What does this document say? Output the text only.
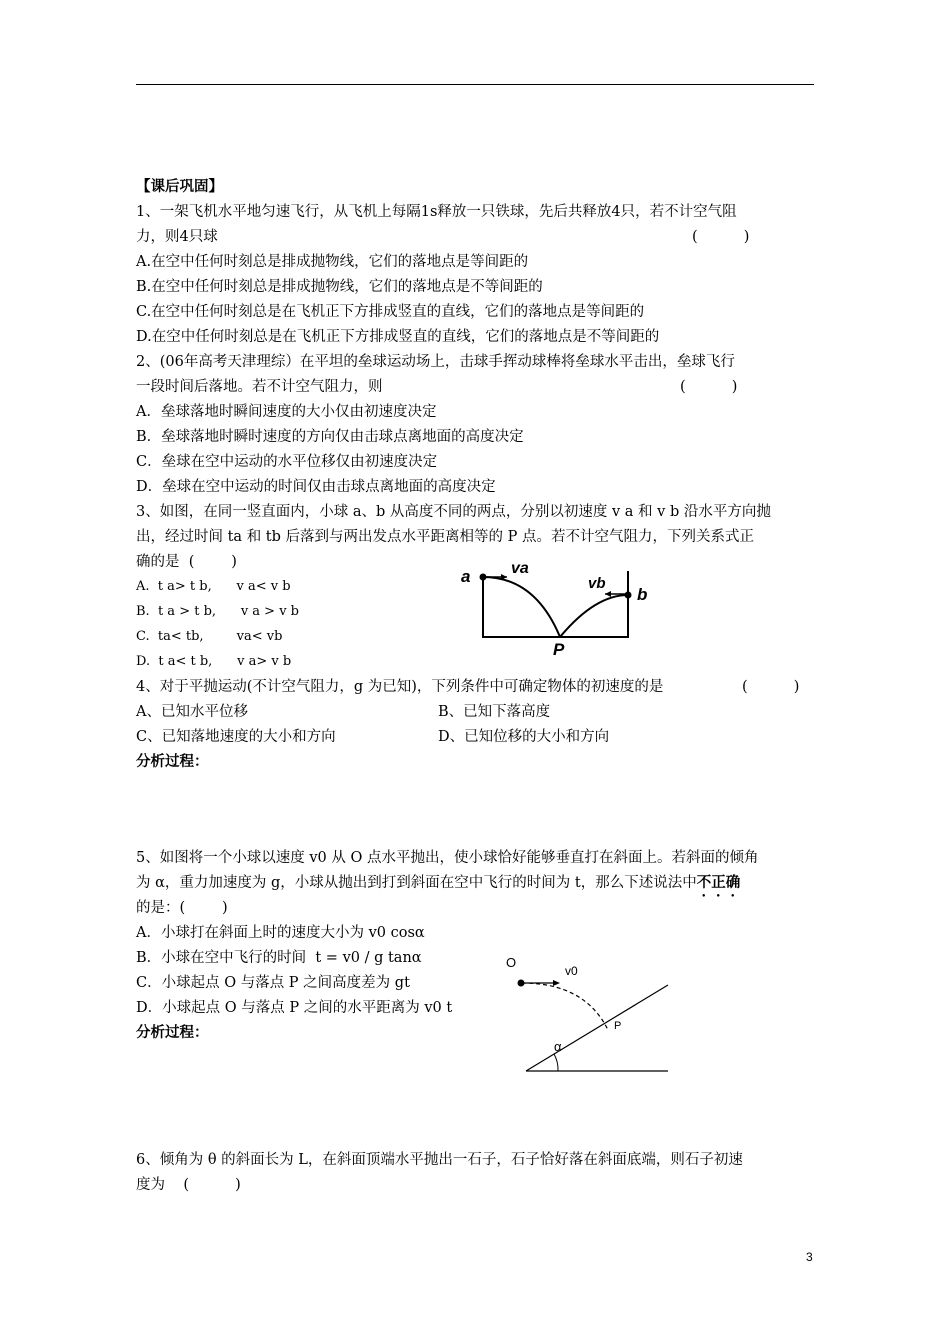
【课后巩固】
1、一架飞机水平地匀速飞行，从飞机上每隔1s释放一只铁球，先后共释放4只，若不计空气阻
力，则4只球	(          )
A.在空中任何时刻总是排成抛物线，它们的落地点是等间距的
B.在空中任何时刻总是排成抛物线，它们的落地点是不等间距的
C.在空中任何时刻总是在飞机正下方排成竖直的直线，它们的落地点是等间距的
D.在空中任何时刻总是在飞机正下方排成竖直的直线，它们的落地点是不等间距的
2、(06年高考天津理综）在平坦的垒球运动场上，击球手挥动球棒将垒球水平击出，垒球飞行
一段时间后落地。若不计空气阻力，则	(          )
A．垒球落地时瞬间速度的大小仅由初速度决定
B．垒球落地时瞬时速度的方向仅由击球点离地面的高度决定
C．垒球在空中运动的水平位移仅由初速度决定
D．垒球在空中运动的时间仅由击球点离地面的高度决定
3、如图，在同一竖直面内，小球 a、b 从高度不同的两点，分别以初速度 v a 和 v b 沿水平方向抛
出，经过时间 ta 和 tb 后落到与两出发点水平距离相等的 P 点。若不计空气阻力，下列关系式正
确的是  (        )
A.  t a> t b,      v a< v b
B.  t a > t b,      v a > v b
C.  ta< tb,        va< vb
D.  t a< t b,      v a> v b
a	va
vb
b
P
4、对于平抛运动(不计空气阻力，g 为已知)，下列条件中可确定物体的初速度的是	(          )
A、已知水平位移	B、已知下落高度
C、已知落地速度的大小和方向	D、已知位移的大小和方向
分析过程：
5、如图将一个小球以速度 v0 从 O 点水平抛出，使小球恰好能够垂直打在斜面上。若斜面的倾角
为 α，重力加速度为 g，小球从抛出到打到斜面在空中飞行的时间为 t，那么下述说法中不正确
的是：(        )
A．小球打在斜面上时的速度大小为 v0 cosα
B．小球在空中飞行的时间  t = v0 / g tanα
C．小球起点 O 与落点 P 之间高度差为 gt
D．小球起点 O 与落点 P 之间的水平距离为 v0 t
分析过程：
O
v0
P
α
6、倾角为 θ 的斜面长为 L，在斜面顶端水平抛出一石子，石子恰好落在斜面底端，则石子初速
度为    (          )
3
